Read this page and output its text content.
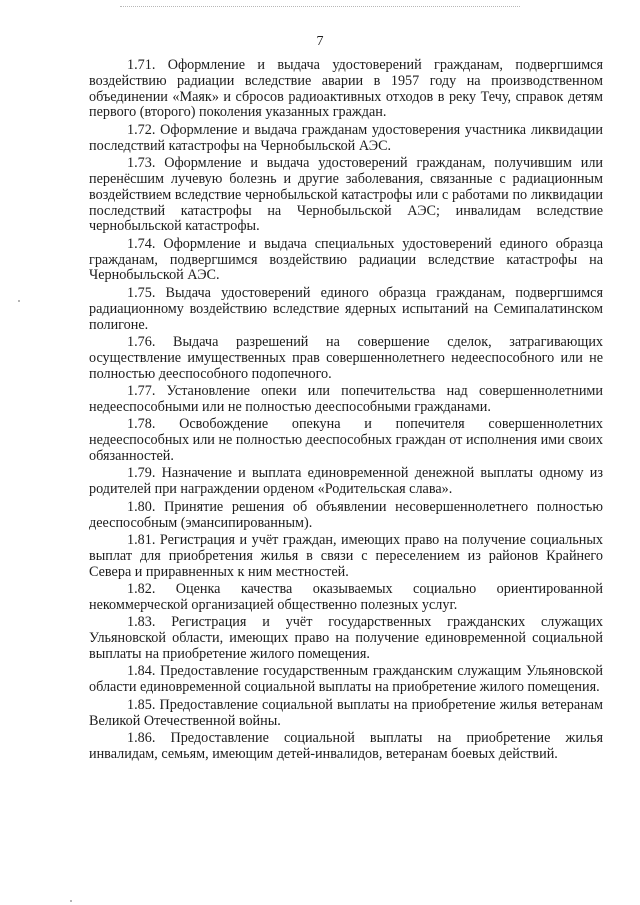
7

1.71. Оформление и выдача удостоверений гражданам, подвергшимся воздействию радиации вследствие аварии в 1957 году на производственном объединении «Маяк» и сбросов радиоактивных отходов в реку Течу, справок детям первого (второго) поколения указанных граждан.

1.72. Оформление и выдача гражданам удостоверения участника ликвидации последствий катастрофы на Чернобыльской АЭС.

1.73. Оформление и выдача удостоверений гражданам, получившим или перенёсшим лучевую болезнь и другие заболевания, связанные с радиационным воздействием вследствие чернобыльской катастрофы или с работами по ликвидации последствий катастрофы на Чернобыльской АЭС; инвалидам вследствие чернобыльской катастрофы.

1.74. Оформление и выдача специальных удостоверений единого образца гражданам, подвергшимся воздействию радиации вследствие катастрофы на Чернобыльской АЭС.

1.75. Выдача удостоверений единого образца гражданам, подвергшимся радиационному воздействию вследствие ядерных испытаний на Семипалатинском полигоне.

1.76. Выдача разрешений на совершение сделок, затрагивающих осуществление имущественных прав совершеннолетнего недееспособного или не полностью дееспособного подопечного.

1.77. Установление опеки или попечительства над совершеннолетними недееспособными или не полностью дееспособными гражданами.

1.78. Освобождение опекуна и попечителя совершеннолетних недееспособных или не полностью дееспособных граждан от исполнения ими своих обязанностей.

1.79. Назначение и выплата единовременной денежной выплаты одному из родителей при награждении орденом «Родительская слава».

1.80. Принятие решения об объявлении несовершеннолетнего полностью дееспособным (эмансипированным).

1.81. Регистрация и учёт граждан, имеющих право на получение социальных выплат для приобретения жилья в связи с переселением из районов Крайнего Севера и приравненных к ним местностей.

1.82. Оценка качества оказываемых социально ориентированной некоммерческой организацией общественно полезных услуг.

1.83. Регистрация и учёт государственных гражданских служащих Ульяновской области, имеющих право на получение единовременной социальной выплаты на приобретение жилого помещения.

1.84. Предоставление государственным гражданским служащим Ульяновской области единовременной социальной выплаты на приобретение жилого помещения.

1.85. Предоставление социальной выплаты на приобретение жилья ветеранам Великой Отечественной войны.

1.86. Предоставление социальной выплаты на приобретение жилья инвалидам, семьям, имеющим детей-инвалидов, ветеранам боевых действий.
